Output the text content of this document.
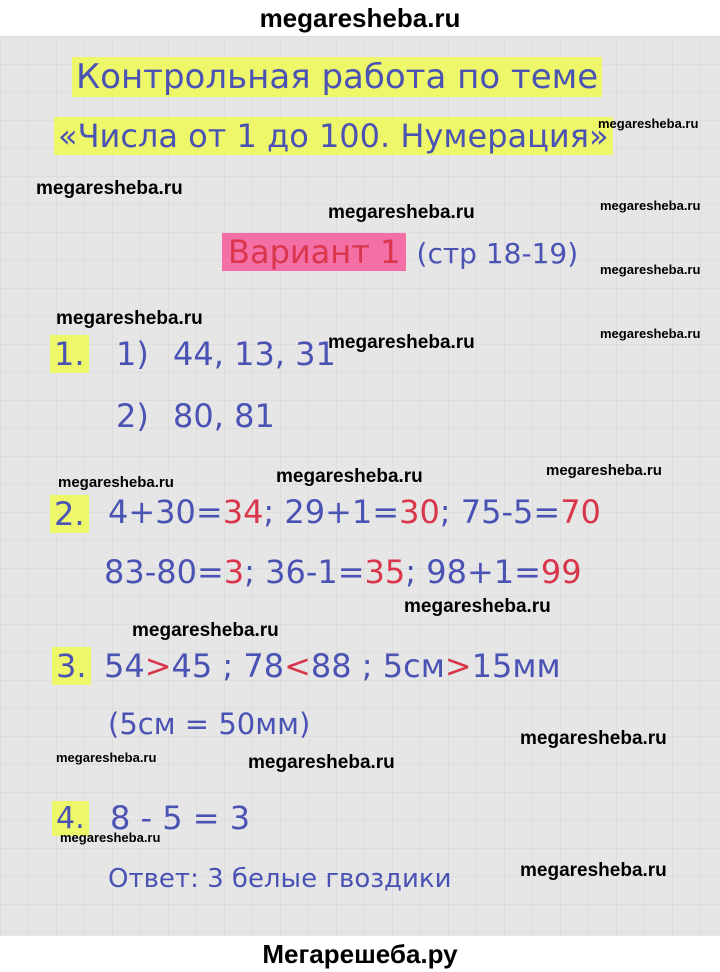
megaresheba.ru
Контрольная работа по теме
«Числа от 1 до 100. Нумерация»
Вариант 1 (стр 18-19)
1. 1) 44, 13, 31
2) 80, 81
2. 4+30=34; 29+1=30; 75-5=70
83-80=3; 36-1=35; 98+1=99
3. 54>45 ; 78<88 ; 5см>15мм
(5см = 50мм)
4. 8 - 5 = 3
Ответ: 3 белые гвоздики
megaresheba.ru
megaresheba.ru
megaresheba.ru	megaresheba.ru
megaresheba.ru
megaresheba.ru
megaresheba.ru
megaresheba.ru
megaresheba.ru	megaresheba.ru	megaresheba.ru
megaresheba.ru
megaresheba.ru
megaresheba.ru
megaresheba.ru	megaresheba.ru
megaresheba.ru
megaresheba.ru
Мегарешеба.ру
